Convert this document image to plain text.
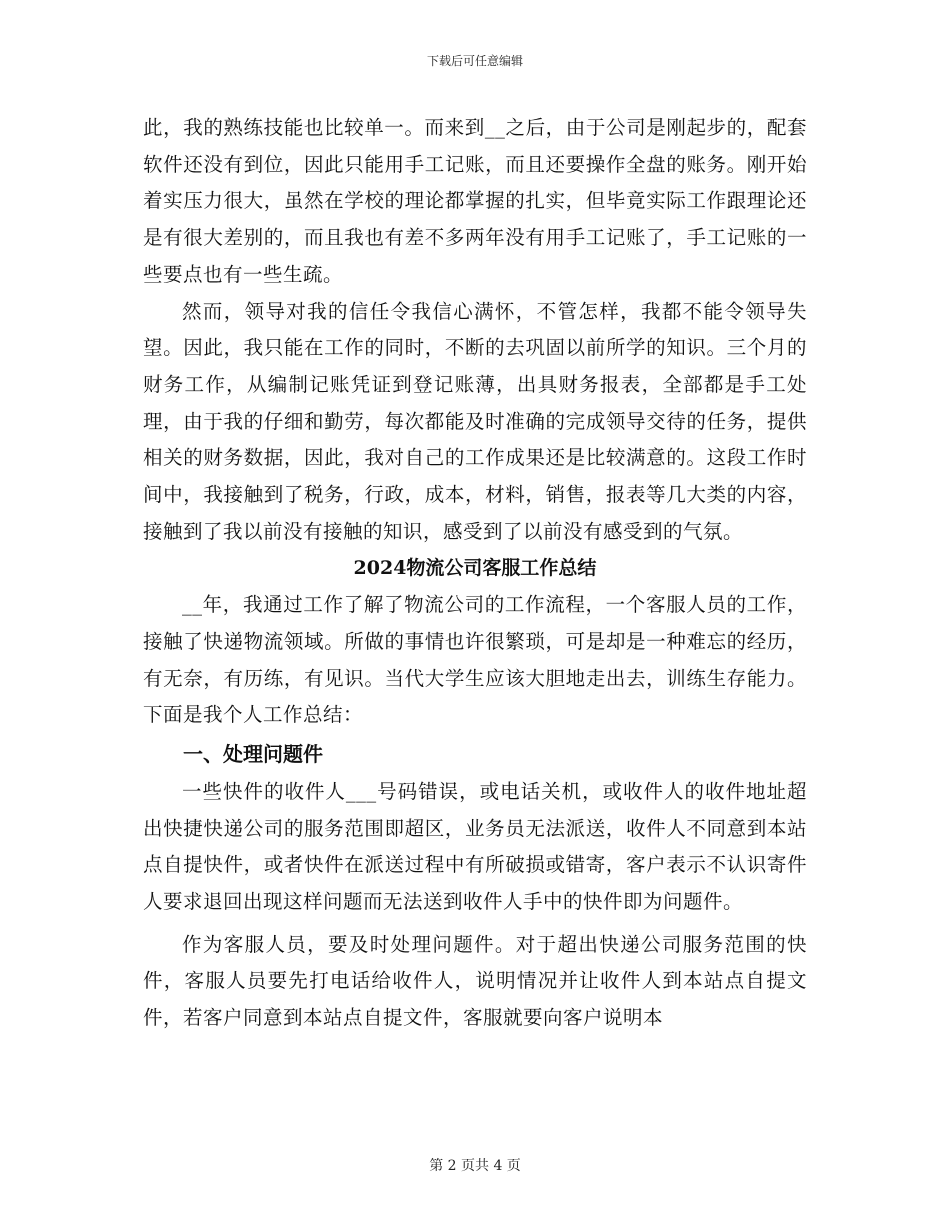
下载后可任意编辑

此，我的熟练技能也比较单一。而来到__之后，由于公司是刚起步的，配套软件还没有到位，因此只能用手工记账，而且还要操作全盘的账务。刚开始着实压力很大，虽然在学校的理论都掌握的扎实，但毕竟实际工作跟理论还是有很大差别的，而且我也有差不多两年没有用手工记账了，手工记账的一些要点也有一些生疏。

然而，领导对我的信任令我信心满怀，不管怎样，我都不能令领导失望。因此，我只能在工作的同时，不断的去巩固以前所学的知识。三个月的财务工作，从编制记账凭证到登记账薄，出具财务报表，全部都是手工处理，由于我的仔细和勤劳，每次都能及时准确的完成领导交待的任务，提供相关的财务数据，因此，我对自己的工作成果还是比较满意的。这段工作时间中，我接触到了税务，行政，成本，材料，销售，报表等几大类的内容，接触到了我以前没有接触的知识，感受到了以前没有感受到的气氛。

2024物流公司客服工作总结

__年，我通过工作了解了物流公司的工作流程，一个客服人员的工作，接触了快递物流领域。所做的事情也许很繁琐，可是却是一种难忘的经历，有无奈，有历练，有见识。当代大学生应该大胆地走出去，训练生存能力。下面是我个人工作总结：

一、处理问题件

一些快件的收件人___号码错误，或电话关机，或收件人的收件地址超出快捷快递公司的服务范围即超区，业务员无法派送，收件人不同意到本站点自提快件，或者快件在派送过程中有所破损或错寄，客户表示不认识寄件人要求退回出现这样问题而无法送到收件人手中的快件即为问题件。

作为客服人员，要及时处理问题件。对于超出快递公司服务范围的快件，客服人员要先打电话给收件人，说明情况并让收件人到本站点自提文件，若客户同意到本站点自提文件，客服就要向客户说明本

第 2 页共 4 页
